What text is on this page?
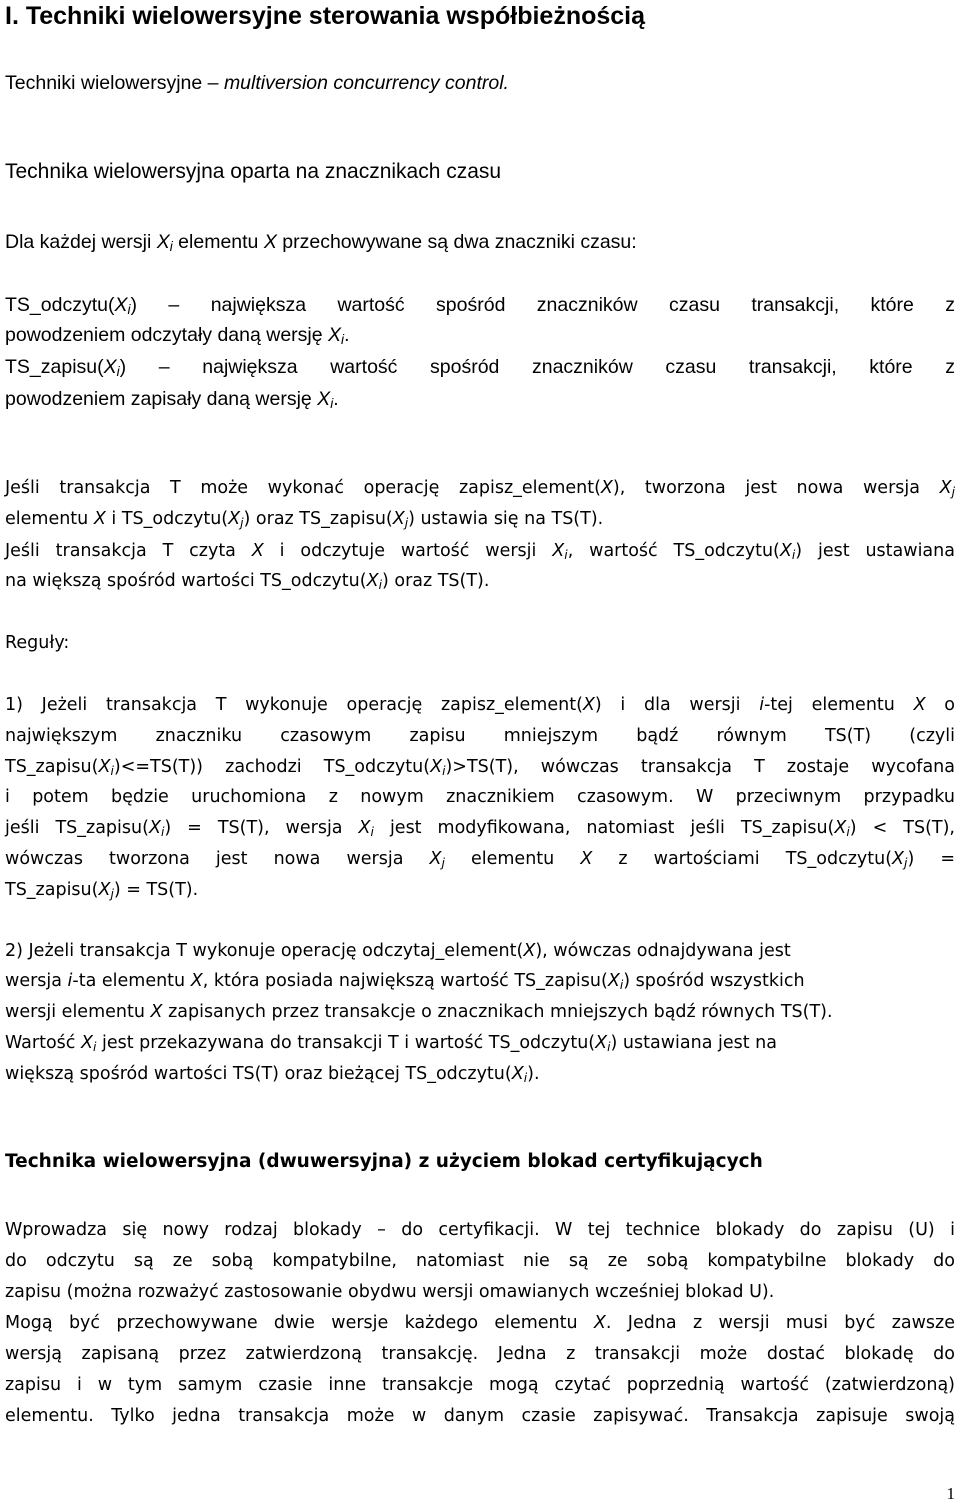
I. Techniki wielowersyjne sterowania współbieżnością
Techniki wielowersyjne – multiversion concurrency control.
Technika wielowersyjna oparta na znacznikach czasu
Dla każdej wersji $X_i$ elementu X przechowywane są dwa znaczniki czasu:
$TS\_odczytu(X_i)$ – największa wartość spośród znaczników czasu transakcji, które z
powodzeniem odczytały daną wersję $X_i$.
$TS\_zapisu(X_i)$ – największa wartość spośród znaczników czasu transakcji, które z
powodzeniem zapisały daną wersję $X_i$.
Jeśli transakcja T może wykonać operację zapisz_element(X), tworzona jest nowa wersja $X_j$
elementu X i $TS\_odczytu(X_j)$ oraz $TS\_zapisu(X_j)$ ustawia się na TS(T).
Jeśli transakcja T czyta X i odczytuje wartość wersji $X_i$, wartość $TS\_odczytu(X_i)$ jest ustawiana
na większą spośród wartości $TS\_odczytu(X_i)$ oraz TS(T).
Reguły:
1) Jeżeli transakcja T wykonuje operację zapisz_element(X) i dla wersji i-tej elementu X o
największym znaczniku czasowym zapisu mniejszym bądź równym TS(T) (czyli
$TS\_zapisu(X_i)<=TS(T)$) zachodzi $TS\_odczytu(X_i)>TS(T)$, wówczas transakcja T zostaje wycofana
i potem będzie uruchomiona z nowym znacznikiem czasowym. W przeciwnym przypadku
jeśli $TS\_zapisu(X_i) = TS(T)$, wersja $X_i$ jest modyfikowana, natomiast jeśli $TS\_zapisu(X_i) < TS(T)$,
wówczas tworzona jest nowa wersja $X_j$ elementu X z wartościami $TS\_odczytu(X_j)$ =
$TS\_zapisu(X_j) = TS(T)$.
2) Jeżeli transakcja T wykonuje operację odczytaj_element(X), wówczas odnajdywana jest
wersja i-ta elementu X, która posiada największą wartość $TS\_zapisu(X_i)$ spośród wszystkich
wersji elementu X zapisanych przez transakcje o znacznikach mniejszych bądź równych TS(T).
Wartość $X_i$ jest przekazywana do transakcji T i wartość $TS\_odczytu(X_i)$ ustawiana jest na
większą spośród wartości TS(T) oraz bieżącej $TS\_odczytu(X_i)$.
Technika wielowersyjna (dwuwersyjna) z użyciem blokad certyfikujących
Wprowadza się nowy rodzaj blokady – do certyfikacji. W tej technice blokady do zapisu (U) i
do odczytu są ze sobą kompatybilne, natomiast nie są ze sobą kompatybilne blokady do
zapisu (można rozważyć zastosowanie obydwu wersji omawianych wcześniej blokad U).
Mogą być przechowywane dwie wersje każdego elementu X. Jedna z wersji musi być zawsze
wersją zapisaną przez zatwierdzoną transakcję. Jedna z transakcji może dostać blokadę do
zapisu i w tym samym czasie inne transakcje mogą czytać poprzednią wartość (zatwierdzoną)
elementu. Tylko jedna transakcja może w danym czasie zapisywać. Transakcja zapisuje swoją
1
